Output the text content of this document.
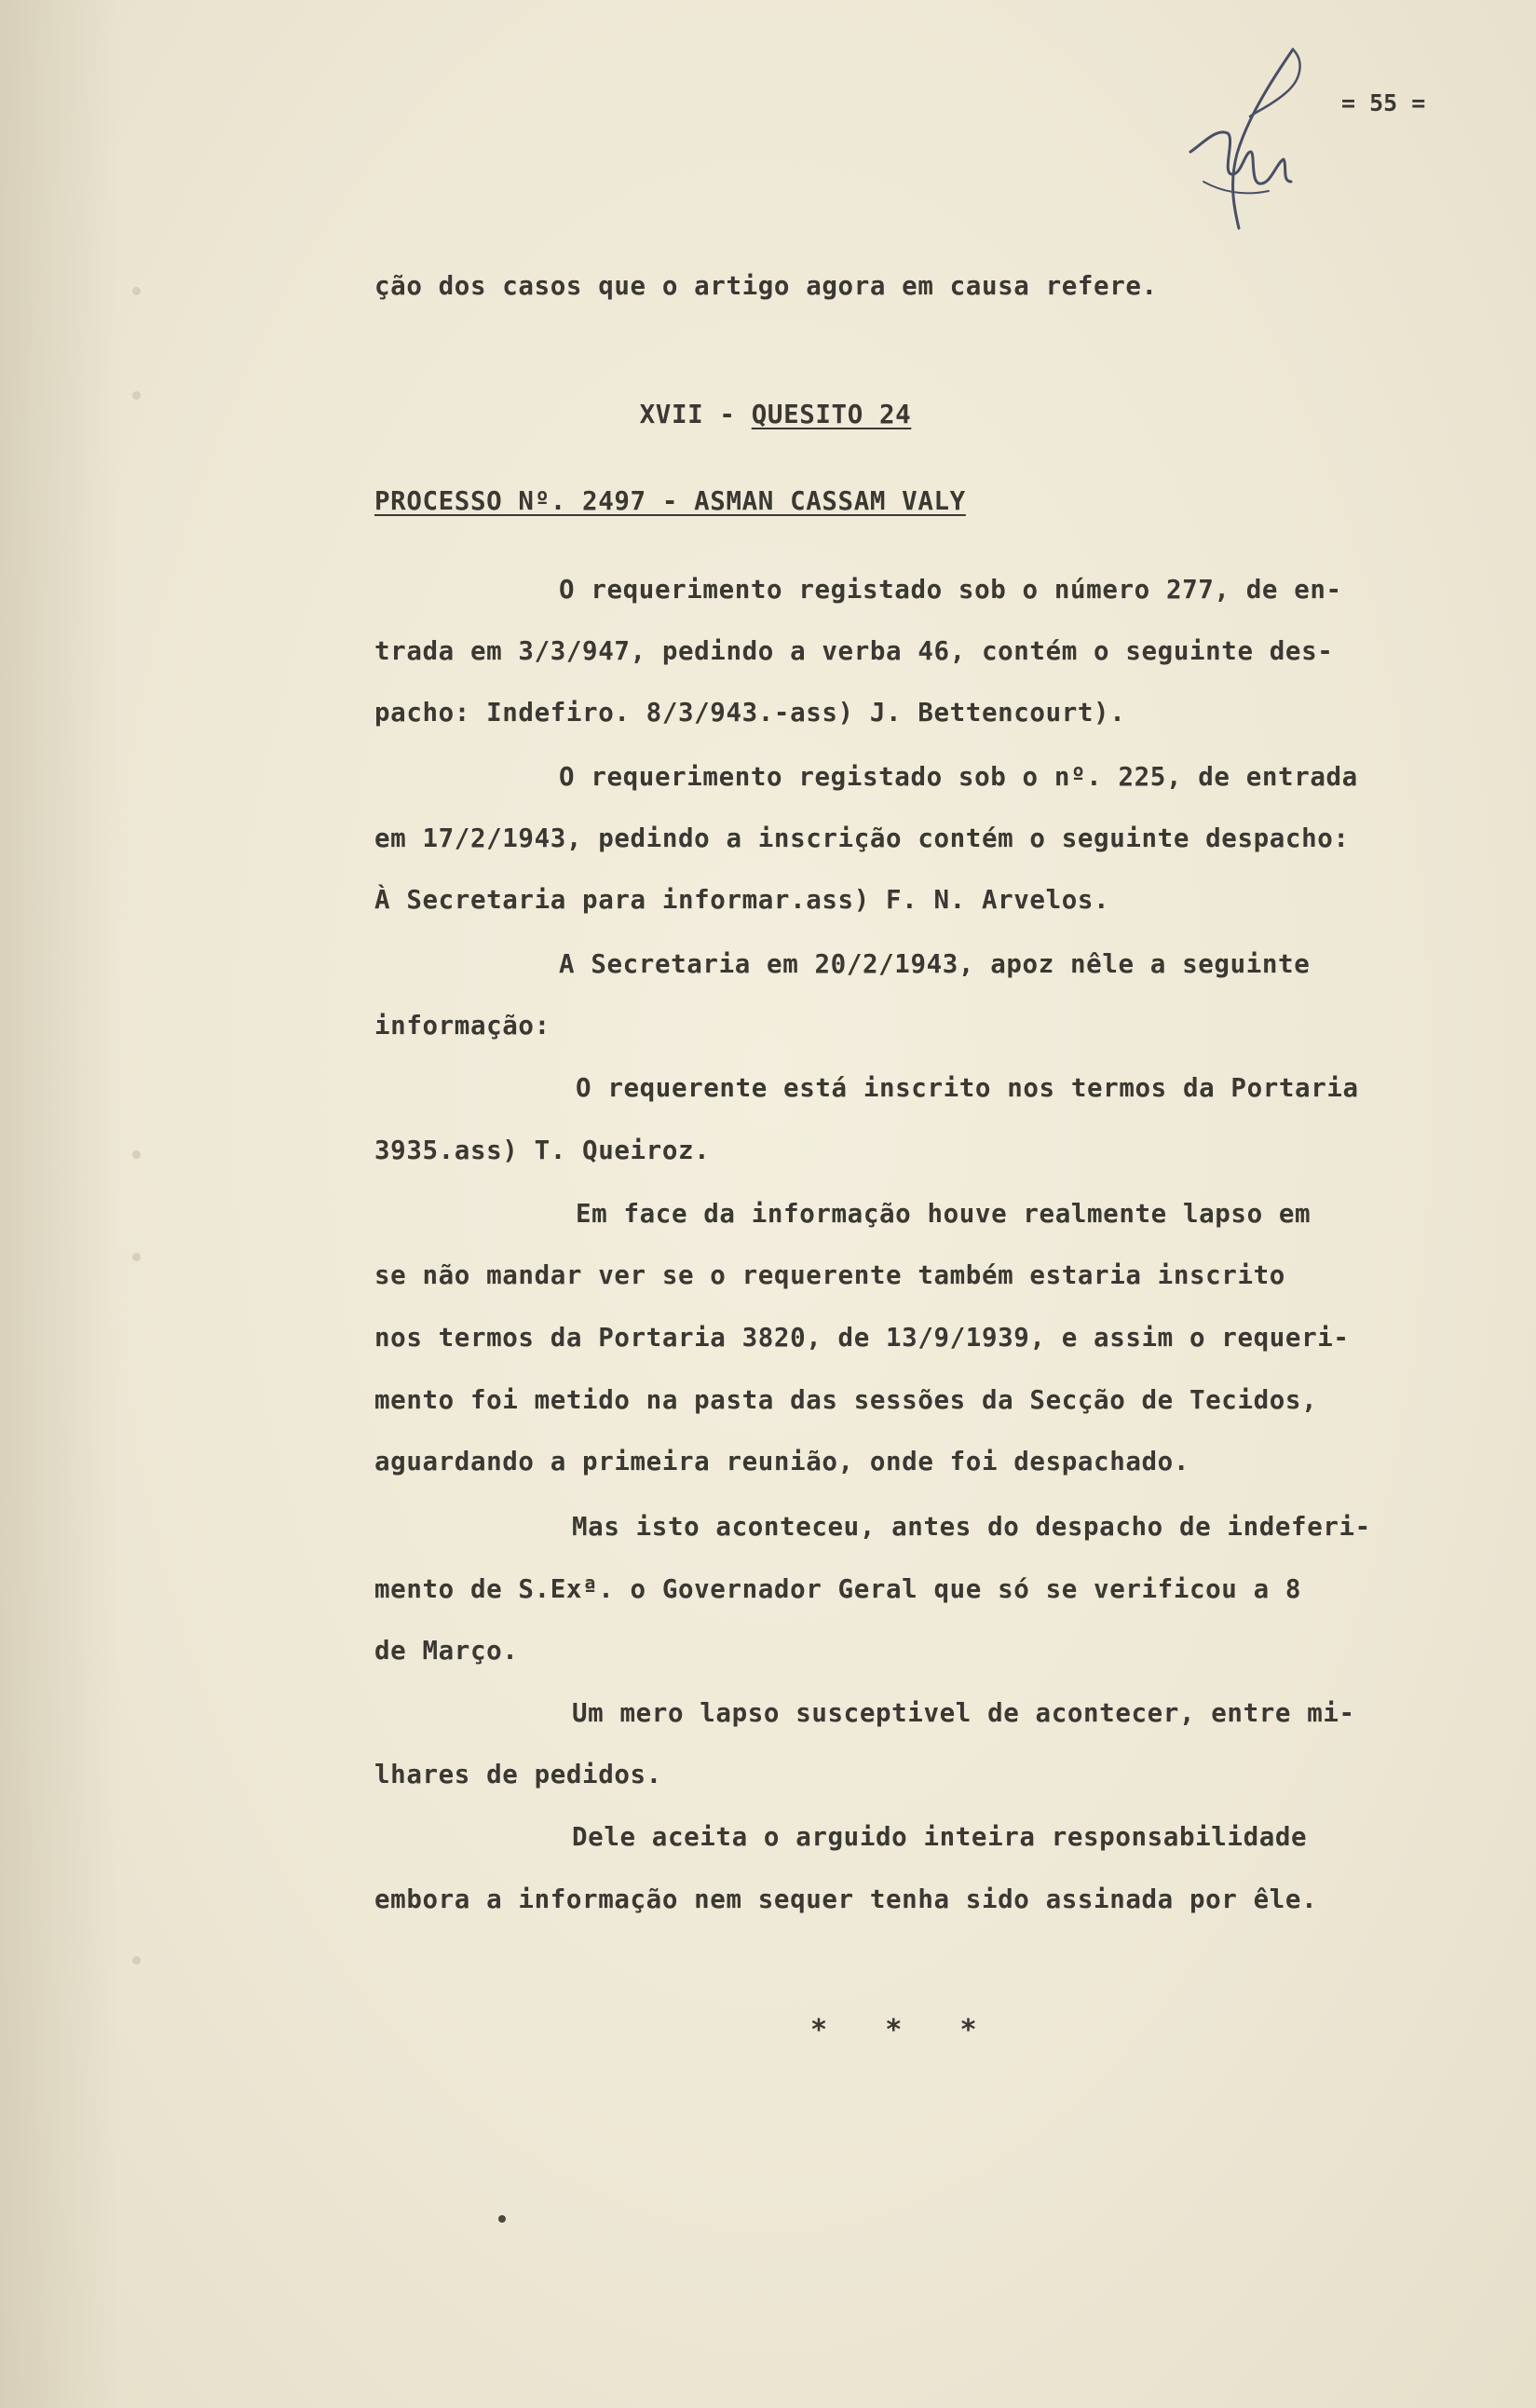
= 55 =
ção dos casos que o artigo agora em causa refere.

XVII - QUESITO 24

PROCESSO Nº. 2497 - ASMAN CASSAM VALY
O requerimento registado sob o número 277, de en-
trada em 3/3/947, pedindo a verba 46, contém o seguinte des-
pacho: Indefiro. 8/3/943.-ass) J. Bettencourt).
O requerimento registado sob o nº. 225, de entrada
em 17/2/1943, pedindo a inscrição contém o seguinte despacho:
À Secretaria para informar.ass) F. N. Arvelos.
A Secretaria em 20/2/1943, apoz nêle a seguinte
informação:
O requerente está inscrito nos termos da Portaria
3935.ass) T. Queiroz.
Em face da informação houve realmente lapso em
se não mandar ver se o requerente também estaria inscrito
nos termos da Portaria 3820, de 13/9/1939, e assim o requeri-
mento foi metido na pasta das sessões da Secção de Tecidos,
aguardando a primeira reunião, onde foi despachado.
Mas isto aconteceu, antes do despacho de indeferi-
mento de S.Exª. o Governador Geral que só se verificou a 8
de Março.
Um mero lapso susceptivel de acontecer, entre mi-
lhares de pedidos.
Dele aceita o arguido inteira responsabilidade
embora a informação nem sequer tenha sido assinada por êle.
*   *   *
